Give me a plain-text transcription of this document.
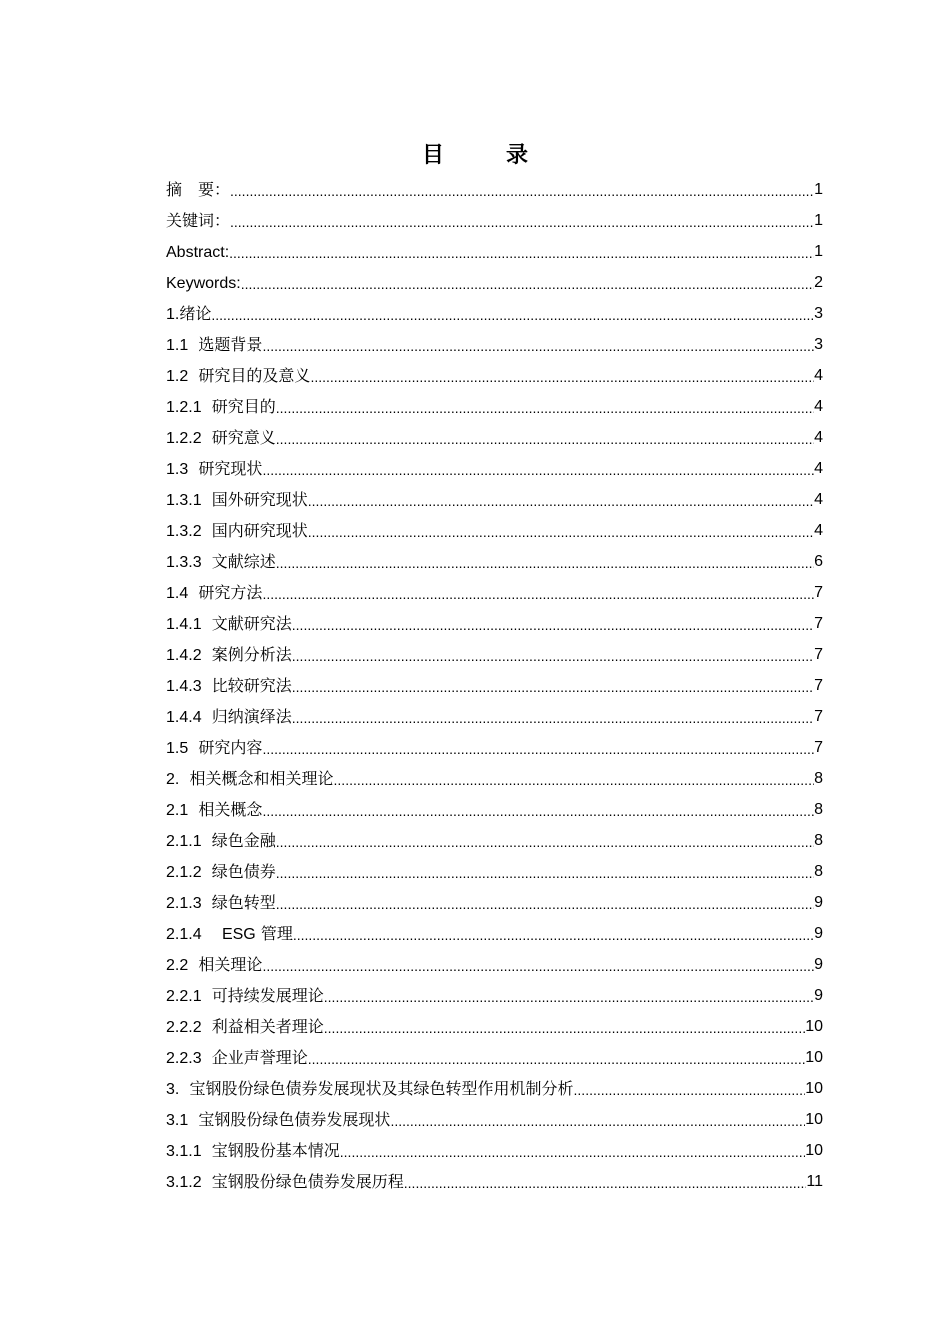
目　录
摘　要： .....	1
关键词： .....	1
Abstract: .....	1
Keywords: .....	2
1.绪论 .....	3
1.1  选题背景 .....	3
1.2  研究目的及意义 .....	4
1.2.1  研究目的 .....	4
1.2.2  研究意义 .....	4
1.3  研究现状 .....	4
1.3.1  国外研究现状 .....	4
1.3.2  国内研究现状 .....	4
1.3.3  文献综述 .....	6
1.4  研究方法 .....	7
1.4.1  文献研究法 .....	7
1.4.2  案例分析法 .....	7
1.4.3  比较研究法 .....	7
1.4.4  归纳演绎法 .....	7
1.5  研究内容 .....	7
2.  相关概念和相关理论 .....	8
2.1  相关概念 .....	8
2.1.1  绿色金融 .....	8
2.1.2  绿色债券 .....	8
2.1.3  绿色转型 .....	9
2.1.4 ESG 管理 .....	9
2.2  相关理论 .....	9
2.2.1  可持续发展理论 .....	9
2.2.2  利益相关者理论 .....	10
2.2.3  企业声誉理论 .....	10
3.  宝钢股份绿色债券发展现状及其绿色转型作用机制分析 .....	10
3.1  宝钢股份绿色债券发展现状 .....	10
3.1.1  宝钢股份基本情况 .....	10
3.1.2  宝钢股份绿色债券发展历程 .....	11
